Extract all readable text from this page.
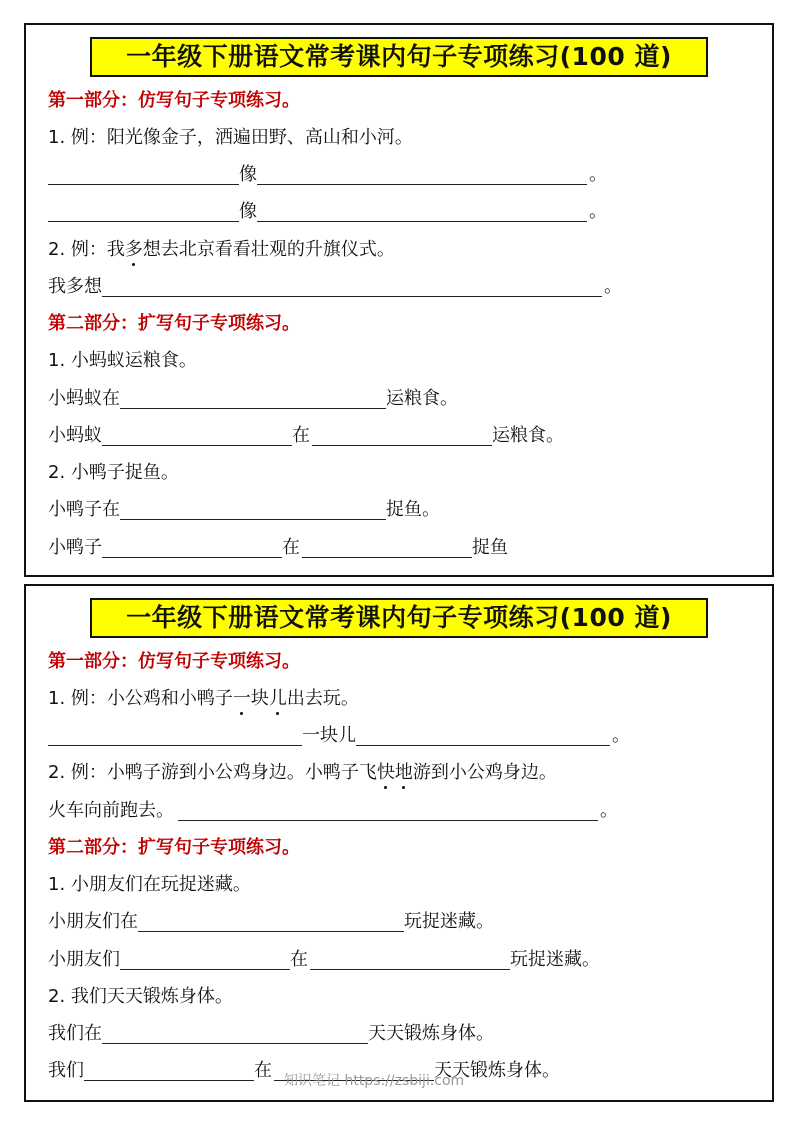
一年级下册语文常考课内句子专项练习(100 道)
第一部分：仿写句子专项练习。
1. 例：阳光像金子，洒遍田野、高山和小河。
像	。
像	。
2. 例：我 多 想 去北京看看壮观的升旗仪式。
我多想	。
第二部分：扩写句子专项练习。
1. 小蚂蚁运粮食。
小蚂蚁在	运粮食。
小蚂蚁	在	运粮食。
2. 小鸭子捉鱼。
小鸭子在	捉鱼。
小鸭子	在	捉鱼
一年级下册语文常考课内句子专项练习(100 道)
第一部分：仿写句子专项练习。
1. 例：小公鸡和小鸭子 一 块 儿 出去玩。
一块儿	。
2. 例：小鸭子游到小公鸡身边。小鸭子飞 快 地 游到小公鸡身边。
火车向前跑去。	。
第二部分：扩写句子专项练习。
1. 小朋友们在玩捉迷藏。
小朋友们在	玩捉迷藏。
小朋友们	在	玩捉迷藏。
2. 我们天天锻炼身体。
我们在	天天锻炼身体。
我们	在	天天锻炼身体。
知识笔记 https://zsbiji.com
